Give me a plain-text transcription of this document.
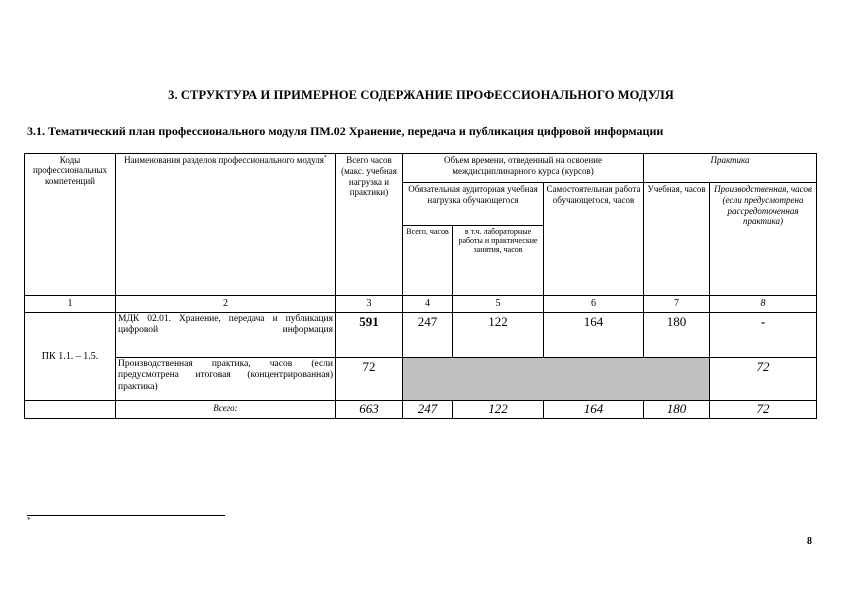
3. СТРУКТУРА И ПРИМЕРНОЕ СОДЕРЖАНИЕ ПРОФЕССИОНАЛЬНОГО МОДУЛЯ
3.1. Тематический план профессионального модуля ПМ.02 Хранение, передача и публикация цифровой информации
Коды профессиональных компетенций	Наименования разделов профессионального модуля*	Всего часов (макс. учебная нагрузка и практики)	Объем времени, отведенный на освоение междисциплинарного курса (курсов)			Практика	
			Обязательная аудиторная учебная нагрузка обучающегося		Самостоятельная работа обучающегося, часов	Учебная, часов	Производственная, часов (если предусмотрена рассредоточенная практика)
			Всего, часов	в т.ч. лабораторные работы и практические занятия, часов			
1	2	3	4	5	6	7	8
ПК 1.1. – 1.5.	МДК 02.01. Хранение, передача и публикация цифровой информация	591	247	122	164	180	-

	Производственная практика, часов (если предусмотрена итоговая (концентрированная) практика)	72					72
	Всего:	663	247	122	164	180	72
*
8
